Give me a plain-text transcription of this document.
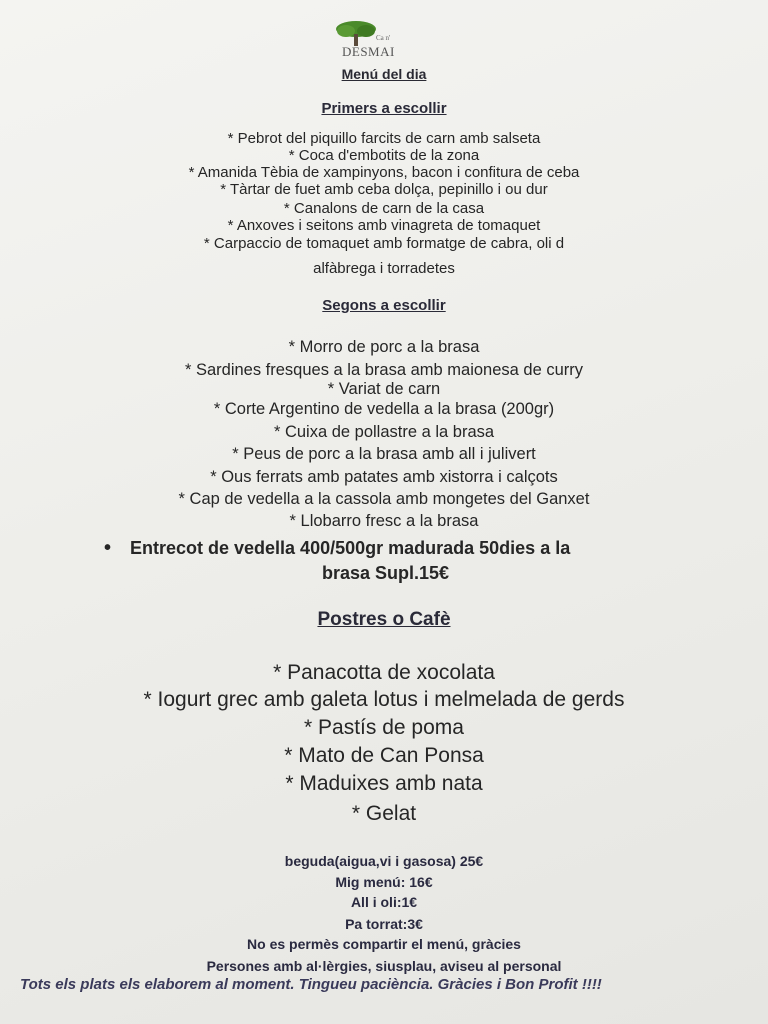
Ca n'
DESMAI
Menú del dia
Primers a escollir
* Pebrot del piquillo farcits de carn amb salseta
* Coca d'embotits de la zona
* Amanida Tèbia de xampinyons, bacon i confitura de ceba
* Tàrtar de fuet amb ceba dolça, pepinillo i ou dur
* Canalons de carn de la casa
* Anxoves i seitons amb vinagreta de tomaquet
* Carpaccio de tomaquet amb formatge de cabra, oli d
alfàbrega i torradetes
Segons a escollir
* Morro de porc a la brasa
* Sardines fresques a la brasa amb maionesa de curry
* Variat de carn
* Corte Argentino de vedella a la brasa (200gr)
* Cuixa de pollastre a la brasa
* Peus de porc a la brasa amb all i julivert
* Ous ferrats amb patates amb xistorra i calçots
* Cap de vedella a la cassola amb mongetes del Ganxet
* Llobarro fresc a la brasa
• Entrecot de vedella 400/500gr madurada 50dies a la
brasa Supl.15€
Postres o Cafè
* Panacotta de xocolata
* Iogurt grec amb galeta lotus i melmelada de gerds
* Pastís de poma
* Mato de Can Ponsa
* Maduixes amb nata
* Gelat
beguda(aigua,vi i gasosa) 25€
Mig menú: 16€
All i oli:1€
Pa torrat:3€
No es permès compartir el menú, gràcies
Persones amb al·lèrgies, siusplau, aviseu al personal
Tots els plats els elaborem al moment. Tingueu paciència. Gràcies i Bon Profit !!!!
